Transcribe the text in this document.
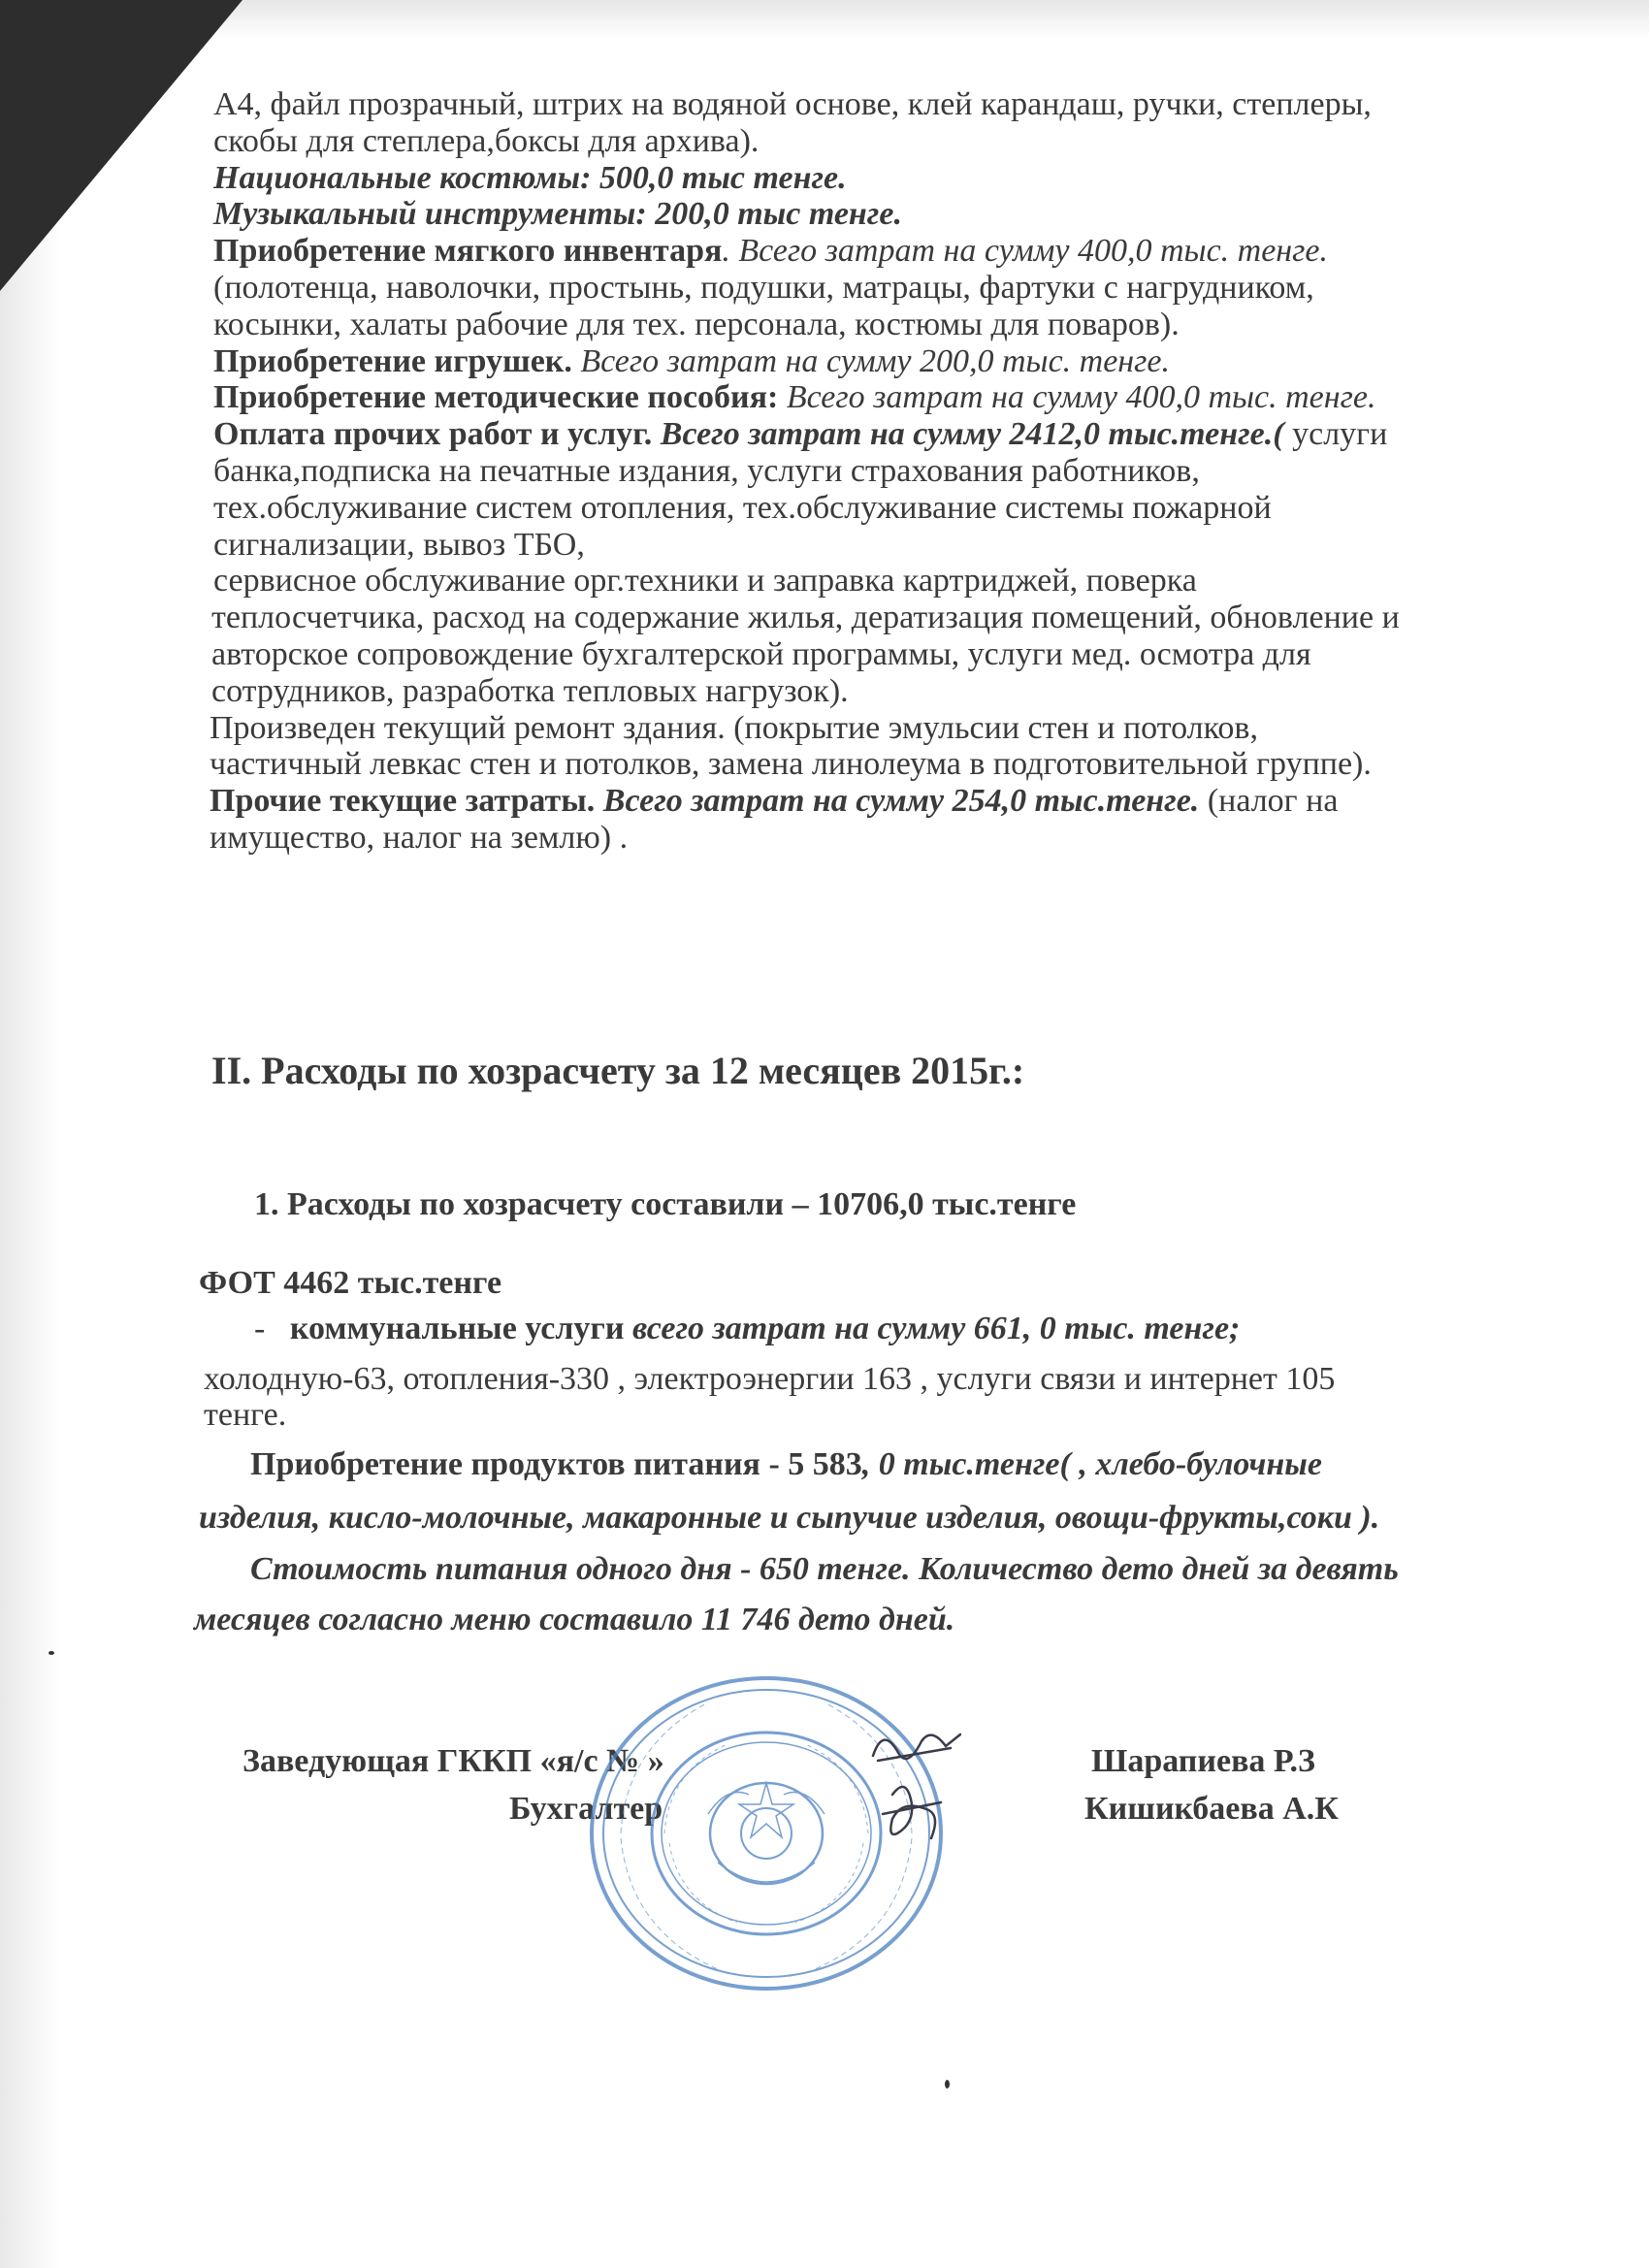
А4, файл прозрачный, штрих на водяной основе, клей карандаш, ручки, степлеры,
скобы для степлера,боксы для архива).
Национальные костюмы: 500,0 тыс тенге.
Музыкальный инструменты: 200,0 тыс тенге.
Приобретение мягкого инвентаря. Всего затрат на сумму 400,0 тыс. тенге.
(полотенца, наволочки, простынь, подушки, матрацы, фартуки с нагрудником,
косынки, халаты рабочие для тех. персонала, костюмы для поваров).
Приобретение игрушек. Всего затрат на сумму 200,0 тыс. тенге.
Приобретение методические пособия: Всего затрат на сумму 400,0 тыс. тенге.
Оплата прочих работ и услуг. Всего затрат на сумму 2412,0 тыс.тенге.( услуги
банка,подписка на печатные издания, услуги страхования работников,
тех.обслуживание систем отопления, тех.обслуживание системы пожарной
сигнализации, вывоз ТБО,
сервисное обслуживание орг.техники и заправка картриджей, поверка
теплосчетчика, расход на содержание жилья, дератизация помещений, обновление и
авторское сопровождение бухгалтерской программы, услуги мед. осмотра для
сотрудников, разработка тепловых нагрузок).
Произведен текущий ремонт здания. (покрытие эмульсии стен и потолков,
частичный левкас стен и потолков, замена линолеума в подготовительной группе).
Прочие текущие затраты. Всего затрат на сумму 254,0 тыс.тенге. (налог на
имущество, налог на землю) .
II. Расходы по хозрасчету за 12 месяцев 2015г.:
1. Расходы по хозрасчету составили – 10706,0 тыс.тенге
ФОТ 4462 тыс.тенге
- коммунальные услуги всего затрат на сумму 661, 0 тыс. тенге;
холодную-63, отопления-330 , электроэнергии 163 , услуги связи и интернет 105
тенге.
Приобретение продуктов питания - 5 583, 0 тыс.тенге( , хлебо-булочные
изделия, кисло-молочные, макаронные и сыпучие изделия, овощи-фрукты,соки ).
Стоимость питания одного дня - 650 тенге. Количество дето дней за девять
месяцев согласно меню составило 11 746 дето дней.
Заведующая ГККП «я/с № »	Шарапиева Р.З
Бухгалтер	Кишикбаева А.К
